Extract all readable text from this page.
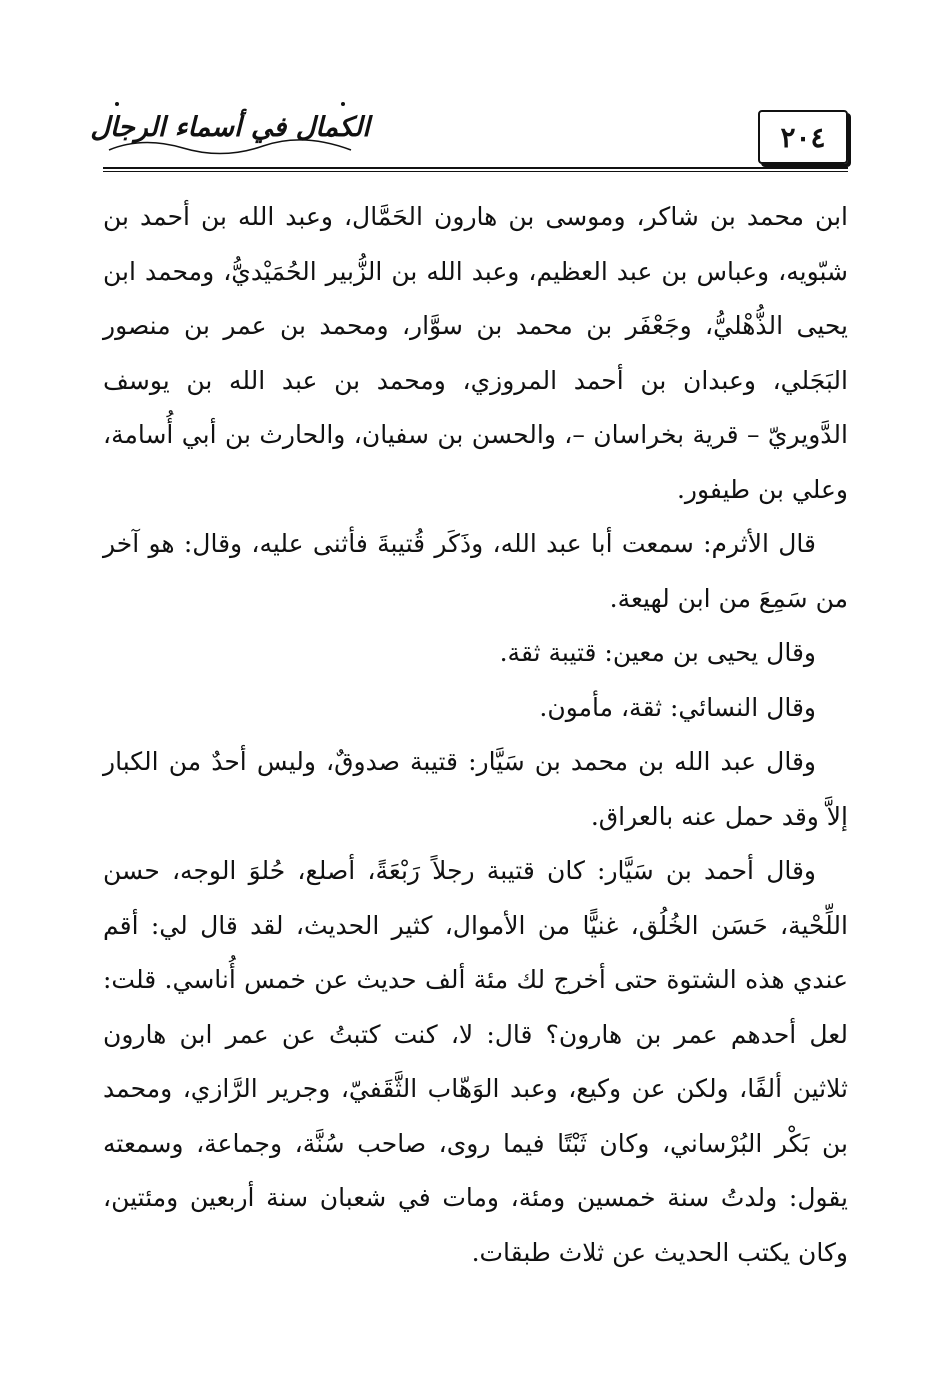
٢٠٤
الكمال في أسماء الرجال

ابن محمد بن شاكر، وموسى بن هارون الحَمَّال، وعبد الله بن أحمد بن شبّويه، وعباس بن عبد العظيم، وعبد الله بن الزُّبير الحُمَيْديُّ، ومحمد ابن يحيى الذُّهْليُّ، وجَعْفَر بن محمد بن سوَّار، ومحمد بن عمر بن منصور البَجَلي، وعبدان بن أحمد المروزي، ومحمد بن عبد الله بن يوسف الدَّويريّ – قرية بخراسان –، والحسن بن سفيان، والحارث بن أبي أُسامة، وعلي بن طيفور.

قال الأثرم: سمعت أبا عبد الله، وذَكَر قُتيبةَ فأثنى عليه، وقال: هو آخر من سَمِعَ من ابن لهيعة.

وقال يحيى بن معين: قتيبة ثقة.

وقال النسائي: ثقة، مأمون.

وقال عبد الله بن محمد بن سَيَّار: قتيبة صدوقٌ، وليس أحدٌ من الكبار إلاَّ وقد حمل عنه بالعراق.

وقال أحمد بن سَيَّار: كان قتيبة رجلاً رَبْعَةً، أصلع، حُلوَ الوجه، حسن اللِّحْية، حَسَن الخُلُق، غنيًّا من الأموال، كثير الحديث، لقد قال لي: أقم عندي هذه الشتوة حتى أخرج لك مئة ألف حديث عن خمس أُناسي. قلت: لعل أحدهم عمر بن هارون؟ قال: لا، كنت كتبتُ عن عمر ابن هارون ثلاثين ألفًا، ولكن عن وكيع، وعبد الوَهّاب الثَّقَفيّ، وجرير الرَّازي، ومحمد بن بَكْر البُرْساني، وكان ثَبْتًا فيما روى، صاحب سُنَّة، وجماعة، وسمعته يقول: ولدتُ سنة خمسين ومئة، ومات في شعبان سنة أربعين ومئتين، وكان يكتب الحديث عن ثلاث طبقات.
